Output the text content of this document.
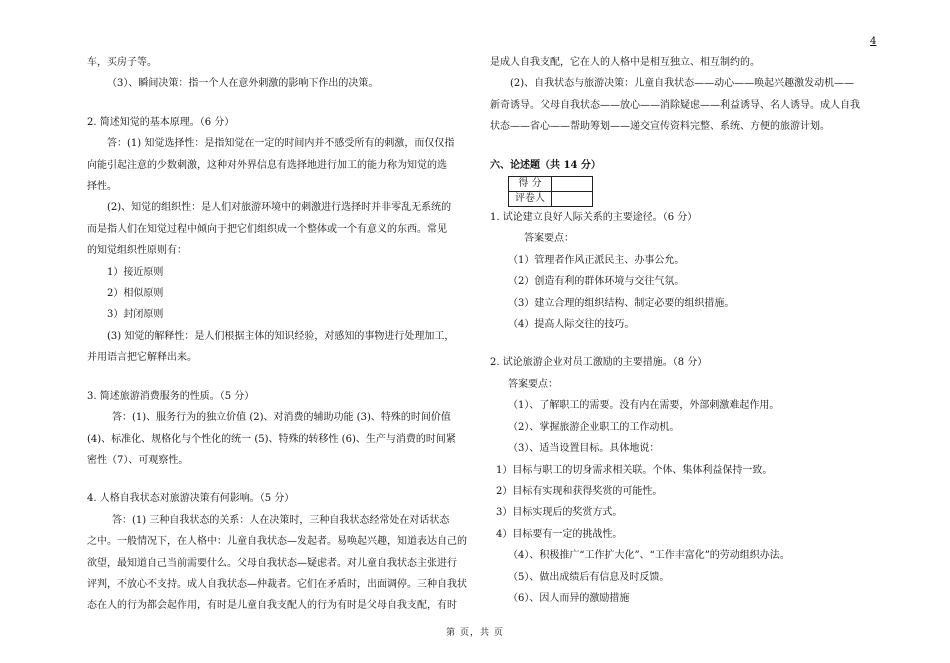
4
车，买房子等。
（3）、瞬间决策：指一个人在意外刺激的影响下作出的决策。
2. 简述知觉的基本原理。（6 分）
答：(1) 知觉选择性：是指知觉在一定的时间内并不感受所有的刺激，而仅仅指
向能引起注意的少数刺激，这种对外界信息有选择地进行加工的能力称为知觉的选
择性。
(2)、知觉的组织性：是人们对旅游环境中的刺激进行选择时并非零乱无系统的
而是指人们在知觉过程中倾向于把它们组织成一个整体或一个有意义的东西。常见
的知觉组织性原则有：
1）接近原则
2）相似原则
3）封闭原则
(3) 知觉的解释性：是人们根据主体的知识经验，对感知的事物进行处理加工，
并用语言把它解释出来。
3. 简述旅游消费服务的性质。（5 分）
答：(1)、服务行为的独立价值 (2)、对消费的辅助功能 (3)、特殊的时间价值
(4)、标准化、规格化与个性化的统一 (5)、特殊的转移性 (6)、生产与消费的时间紧
密性（7）、可观察性。
4. 人格自我状态对旅游决策有何影响。（5 分）
答：(1) 三种自我状态的关系：人在决策时，三种自我状态经常处在对话状态
之中。一般情况下，在人格中：儿童自我状态—发起者。易唤起兴趣，知道表达自己的
欲望，最知道自己当前需要什么。父母自我状态—疑虑者。对儿童自我状态主张进行
评判，不放心不支持。成人自我状态—仲裁者。它们在矛盾时，出面调停。三种自我状
态在人的行为都会起作用，有时是儿童自我支配人的行为有时是父母自我支配，有时
是成人自我支配，它在人的人格中是相互独立、相互制约的。
(2)、自我状态与旅游决策：儿童自我状态——动心——唤起兴趣激发动机——
新奇诱导。父母自我状态——放心——消除疑虑——利益诱导、名人诱导。成人自我
状态——省心——帮助筹划——递交宣传资料完整、系统、方便的旅游计划。
六、论述题（共 14 分）
得 分	
评卷人	
1. 试论建立良好人际关系的主要途径。（6 分）
答案要点：
（1）管理者作风正派民主、办事公允。
（2）创造有利的群体环境与交往气氛。
（3）建立合理的组织结构、制定必要的组织措施。
（4）提高人际交往的技巧。
2. 试论旅游企业对员工激励的主要措施。（8 分）
答案要点：
（1）、了解职工的需要。没有内在需要，外部刺激难起作用。
（2）、掌握旅游企业职工的工作动机。
（3）、适当设置目标。具体地说：
1）目标与职工的切身需求相关联。个体、集体利益保持一致。
2）目标有实现和获得奖赏的可能性。
3）目标实现后的奖赏方式。
4）目标要有一定的挑战性。
（4）、积极推广“工作扩大化”、“工作丰富化”的劳动组织办法。
（5）、做出成绩后有信息及时反馈。
（6）、因人而异的激励措施
第 页，共 页
